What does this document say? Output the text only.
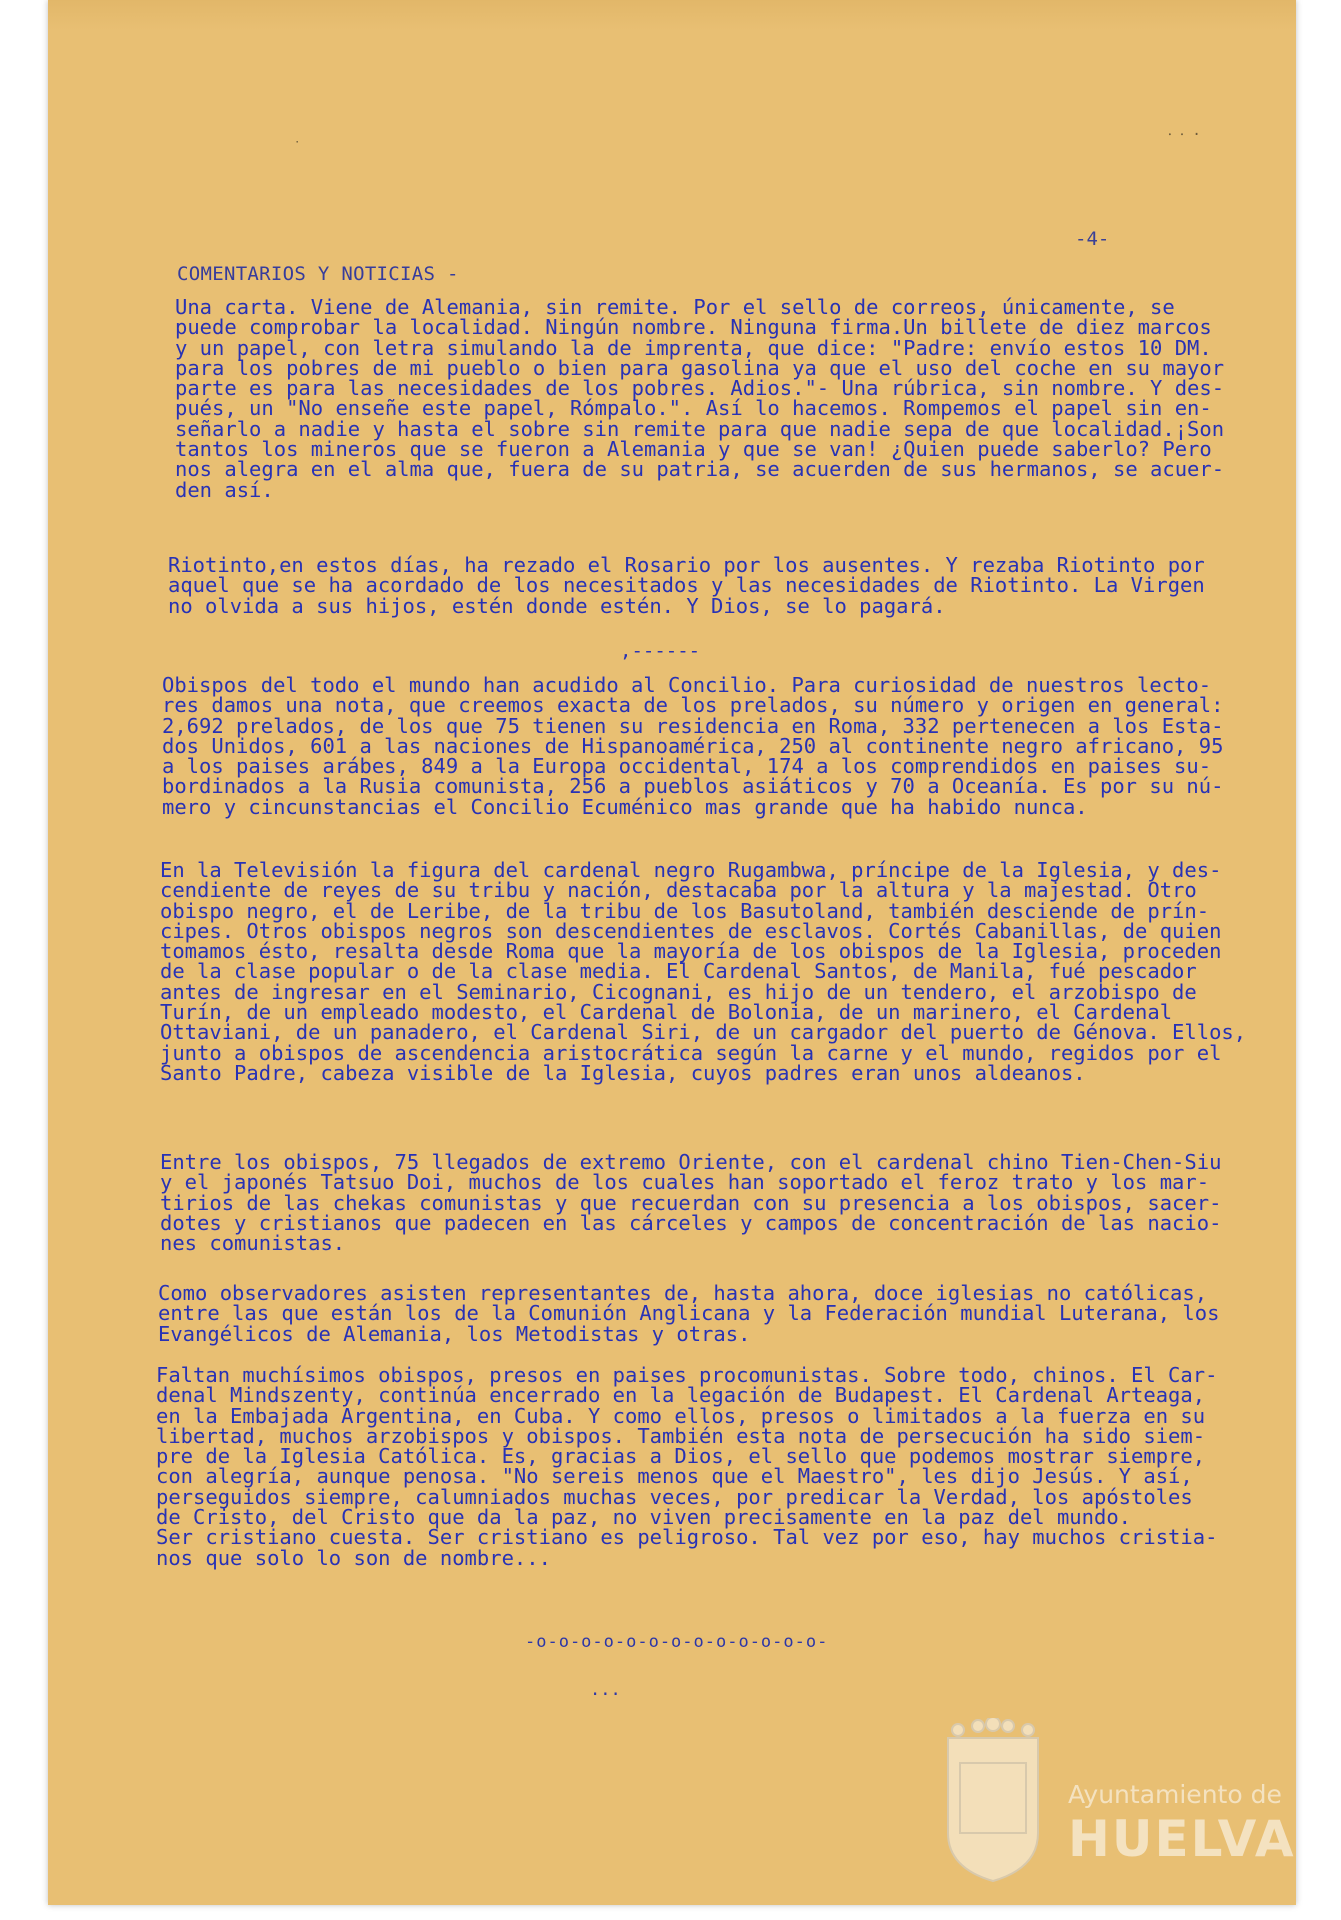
-4-
COMENTARIOS Y NOTICIAS -

Una carta. Viene de Alemania, sin remite. Por el sello de correos, únicamente, se
puede comprobar la localidad. Ningún nombre. Ninguna firma.Un billete de diez marcos
y un papel, con letra simulando la de imprenta, que dice: "Padre: envío estos 10 DM.
para los pobres de mi pueblo o bien para gasolina ya que el uso del coche en su mayor
parte es para las necesidades de los pobres. Adios."- Una rúbrica, sin nombre. Y des-
pués, un "No enseñe este papel, Rómpalo.". Así lo hacemos. Rompemos el papel sin en-
señarlo a nadie y hasta el sobre sin remite para que nadie sepa de que localidad.¡Son
tantos los mineros que se fueron a Alemania y que se van! ¿Quien puede saberlo? Pero
nos alegra en el alma que, fuera de su patria, se acuerden de sus hermanos, se acuer-
den así.

Riotinto,en estos días, ha rezado el Rosario por los ausentes. Y rezaba Riotinto por
aquel que se ha acordado de los necesitados y las necesidades de Riotinto. La Virgen
no olvida a sus hijos, estén donde estén. Y Dios, se lo pagará.

,------

Obispos del todo el mundo han acudido al Concilio. Para curiosidad de nuestros lecto-
res damos una nota, que creemos exacta de los prelados, su número y origen en general:
2,692 prelados, de los que 75 tienen su residencia en Roma, 332 pertenecen a los Esta-
dos Unidos, 601 a las naciones de Hispanoamérica, 250 al continente negro africano, 95
a los paises arábes, 849 a la Europa occidental, 174 a los comprendidos en paises su-
bordinados a la Rusia comunista, 256 a pueblos asiáticos y 70 a Oceanía. Es por su nú-
mero y cincunstancias el Concilio Ecuménico mas grande que ha habido nunca.

En la Televisión la figura del cardenal negro Rugambwa, príncipe de la Iglesia, y des-
cendiente de reyes de su tribu y nación, destacaba por la altura y la majestad. Otro
obispo negro, el de Leribe, de la tribu de los Basutoland, también desciende de prín-
cipes. Otros obispos negros son descendientes de esclavos. Cortés Cabanillas, de quien
tomamos ésto, resalta desde Roma que la mayoría de los obispos de la Iglesia, proceden
de la clase popular o de la clase media. El Cardenal Santos, de Manila, fué pescador
antes de ingresar en el Seminario, Cicognani, es hijo de un tendero, el arzobispo de
Turín, de un empleado modesto, el Cardenal de Bolonia, de un marinero, el Cardenal
Ottaviani, de un panadero, el Cardenal Siri, de un cargador del puerto de Génova. Ellos,
junto a obispos de ascendencia aristocrática según la carne y el mundo, regidos por el
Santo Padre, cabeza visible de la Iglesia, cuyos padres eran unos aldeanos.

Entre los obispos, 75 llegados de extremo Oriente, con el cardenal chino Tien-Chen-Siu
y el japonés Tatsuo Doi, muchos de los cuales han soportado el feroz trato y los mar-
tirios de las chekas comunistas y que recuerdan con su presencia a los obispos, sacer-
dotes y cristianos que padecen en las cárceles y campos de concentración de las nacio-
nes comunistas.

Como observadores asisten representantes de, hasta ahora, doce iglesias no católicas,
entre las que están los de la Comunión Anglicana y la Federación mundial Luterana, los
Evangélicos de Alemania, los Metodistas y otras.

Faltan muchísimos obispos, presos en paises procomunistas. Sobre todo, chinos. El Car-
denal Mindszenty, continúa encerrado en la legación de Budapest. El Cardenal Arteaga,
en la Embajada Argentina, en Cuba. Y como ellos, presos o limitados a la fuerza en su
libertad, muchos arzobispos y obispos. También esta nota de persecución ha sido siem-
pre de la Iglesia Católica. Es, gracias a Dios, el sello que podemos mostrar siempre,
con alegría, aunque penosa. "No sereis menos que el Maestro", les dijo Jesús. Y así,
perseguidos siempre, calumniados muchas veces, por predicar la Verdad, los apóstoles
de Cristo, del Cristo que da la paz, no viven precisamente en la paz del mundo.
Ser cristiano cuesta. Ser cristiano es peligroso. Tal vez por eso, hay muchos cristia-
nos que solo lo son de nombre...

-o-o-o-o-o-o-o-o-o-o-o-o-o-
...
˙
⸱ ⸱ ·
Ayuntamiento de
HUELVA
